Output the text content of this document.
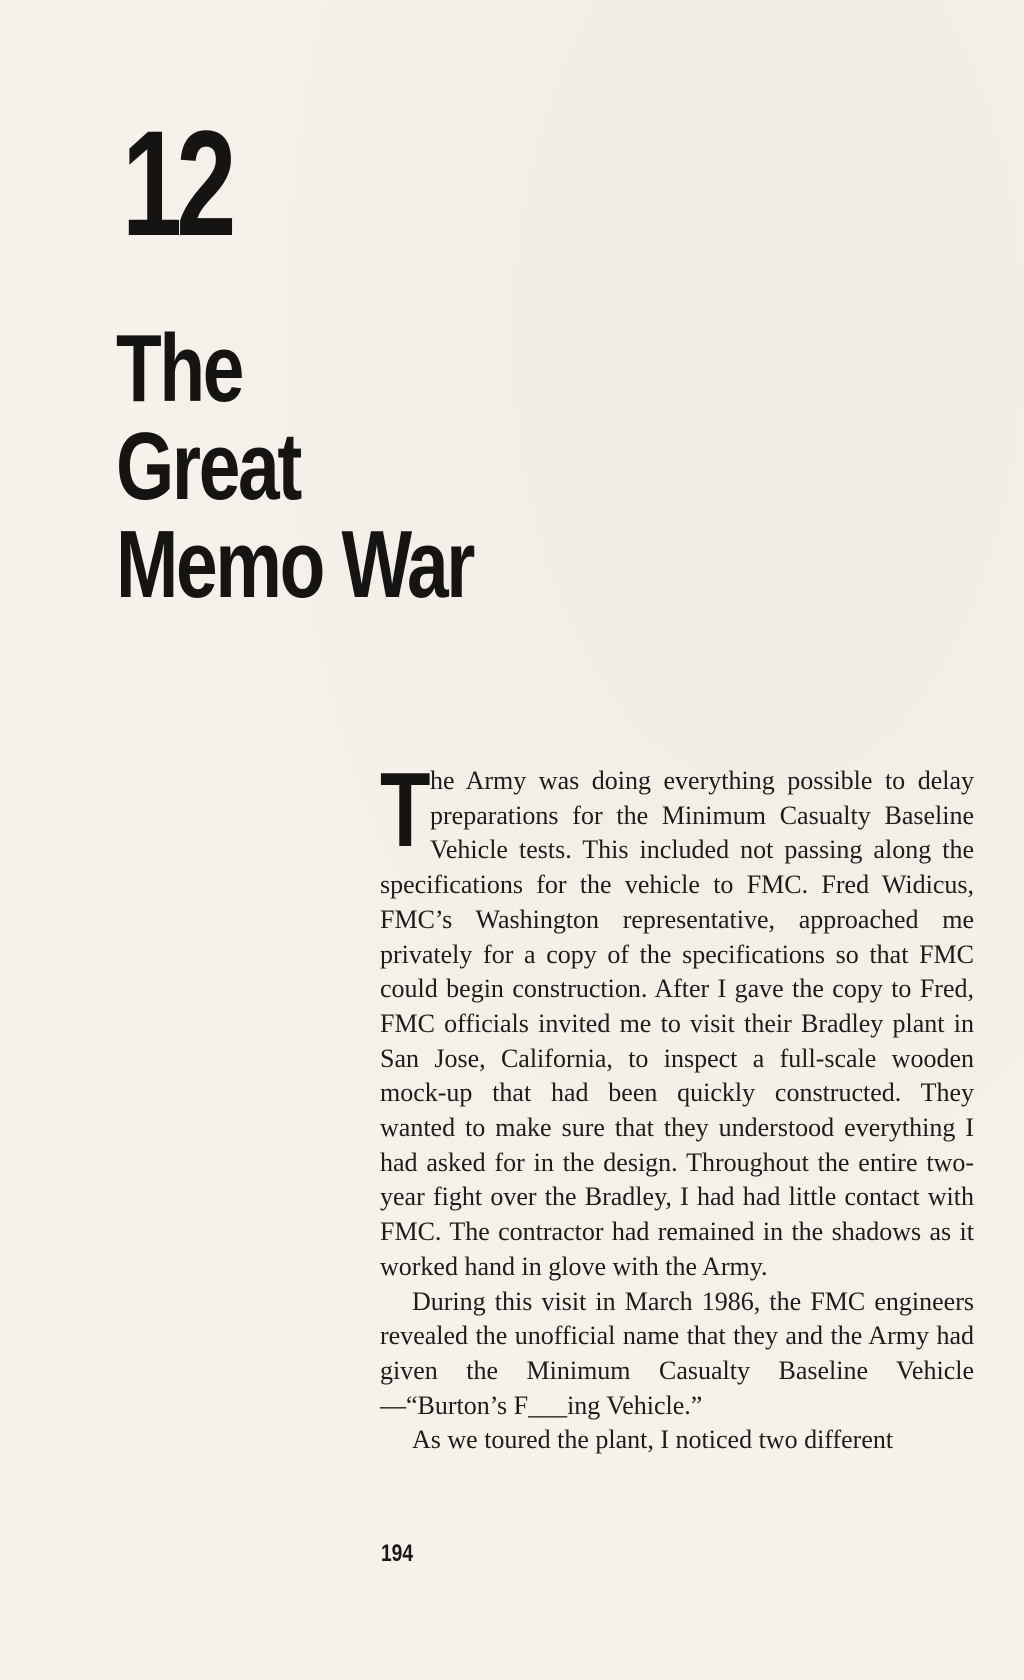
12
The
Great
Memo War

The Army was doing everything possible to delay preparations for the Minimum Casualty Baseline Vehicle tests. This included not passing along the specifications for the vehicle to FMC. Fred Widicus, FMC’s Washington representative, approached me privately for a copy of the specifications so that FMC could begin construction. After I gave the copy to Fred, FMC officials invited me to visit their Bradley plant in San Jose, California, to inspect a full-scale wooden mock-up that had been quickly constructed. They wanted to make sure that they understood everything I had asked for in the design. Throughout the entire two-year fight over the Bradley, I had had little contact with FMC. The contractor had remained in the shadows as it worked hand in glove with the Army.

During this visit in March 1986, the FMC engineers revealed the unofficial name that they and the Army had given the Minimum Casualty Baseline Vehicle—“Burton’s F___ing Vehicle.”

As we toured the plant, I noticed two different

194
